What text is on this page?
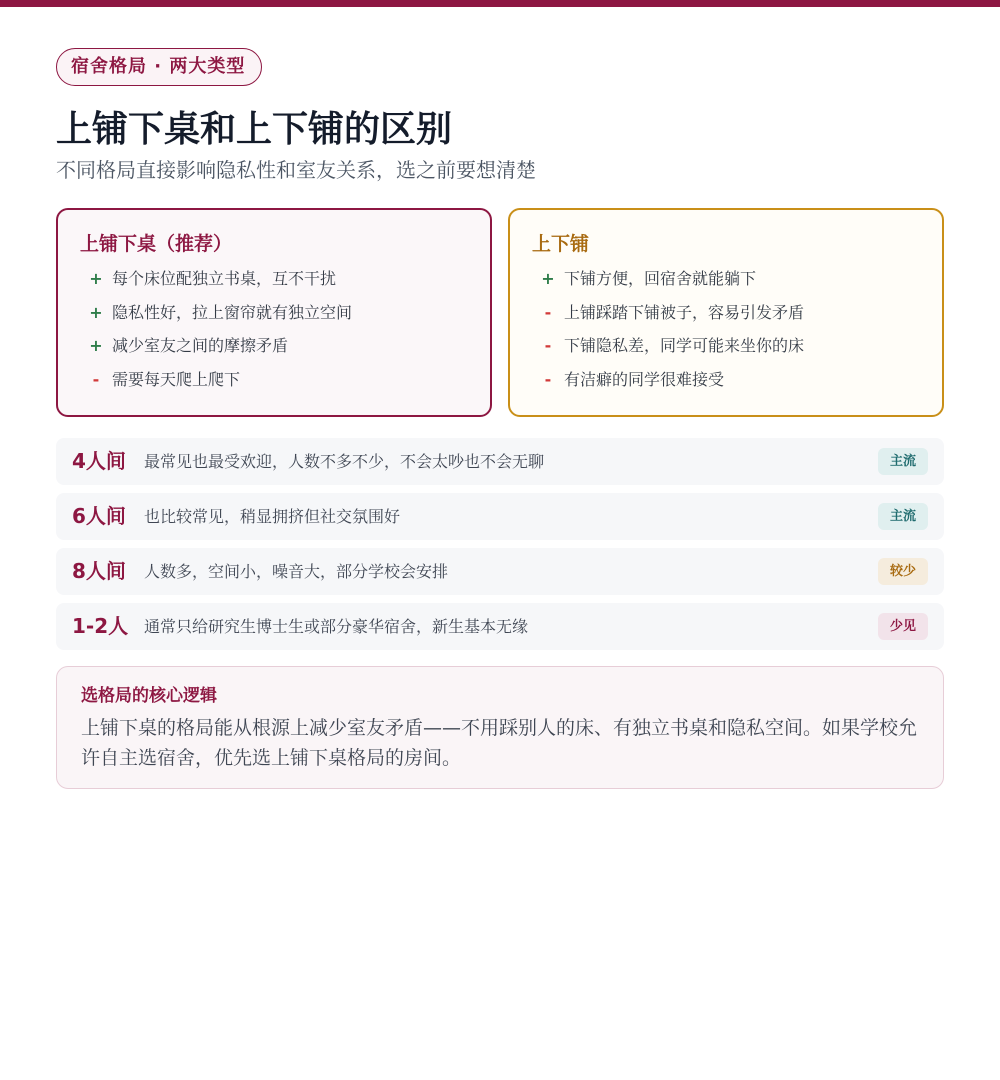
宿舍格局 · 两大类型
上铺下桌和上下铺的区别
不同格局直接影响隐私性和室友关系，选之前要想清楚
上铺下桌（推荐）
+ 每个床位配独立书桌，互不干扰
+ 隐私性好，拉上窗帘就有独立空间
+ 减少室友之间的摩擦矛盾
- 需要每天爬上爬下
上下铺
+ 下铺方便，回宿舍就能躺下
- 上铺踩踏下铺被子，容易引发矛盾
- 下铺隐私差，同学可能来坐你的床
- 有洁癖的同学很难接受
4人间 最常见也最受欢迎，人数不多不少，不会太吵也不会无聊	主流
6人间 也比较常见，稍显拥挤但社交氛围好	主流
8人间 人数多，空间小，噪音大，部分学校会安排	较少
1-2人 通常只给研究生博士生或部分豪华宿舍，新生基本无缘	少见
选格局的核心逻辑
上铺下桌的格局能从根源上减少室友矛盾——不用踩别人的床、有独立书桌和隐私空间。如果学校允许自主选宿舍，优先选上铺下桌格局的房间。
